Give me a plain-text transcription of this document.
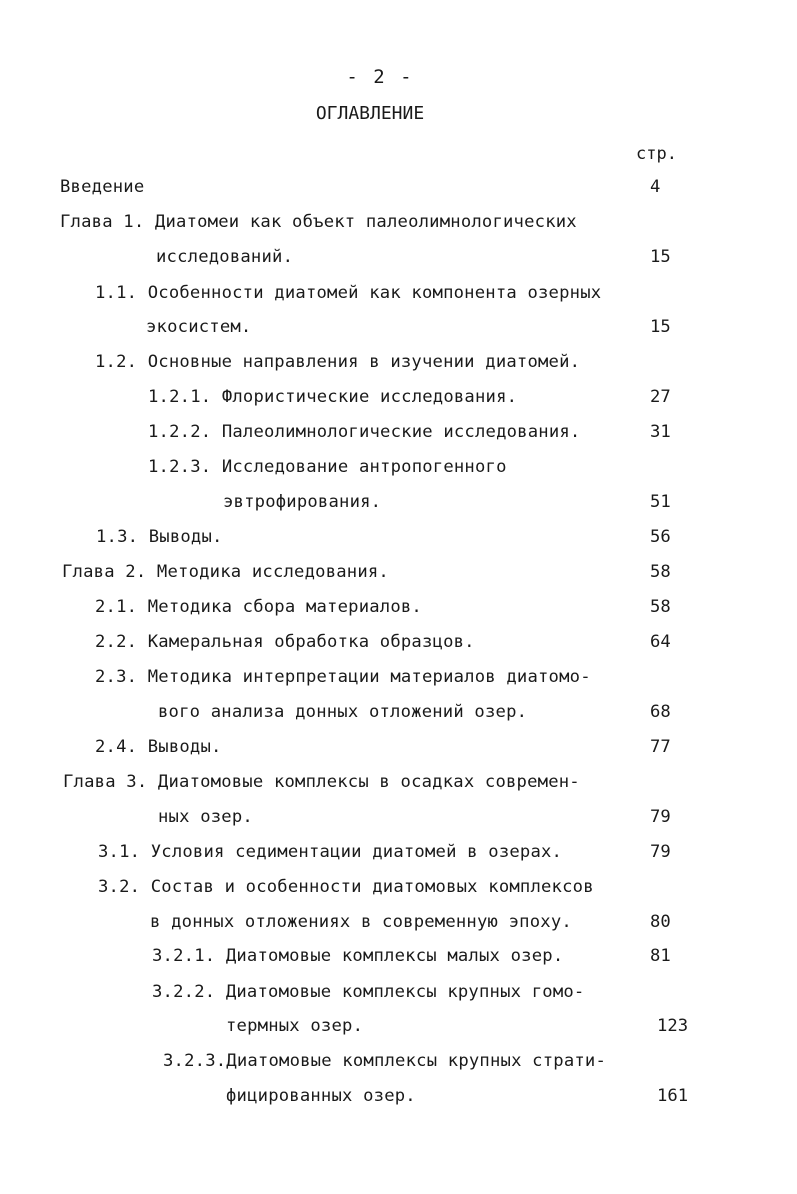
- 2 -
ОГЛАВЛЕНИЕ
стр.
Введение	4
Глава 1. Диатомеи как объект палеолимнологических
исследований.	15
1.1. Особенности диатомей как компонента озерных
экосистем.	15
1.2. Основные направления в изучении диатомей.
1.2.1. Флористические исследования.	27
1.2.2. Палеолимнологические исследования.	31
1.2.3. Исследование антропогенного
эвтрофирования.	51
1.3. Выводы.	56
Глава 2. Методика исследования.	58
2.1. Методика сбора материалов.	58
2.2. Камеральная обработка образцов.	64
2.3. Методика интерпретации материалов диатомо-
вого анализа донных отложений озер.	68
2.4. Выводы.	77
Глава 3. Диатомовые комплексы в осадках современ-
ных озер.	79
3.1. Условия седиментации диатомей в озерах.	79
3.2. Состав и особенности диатомовых комплексов
в донных отложениях в современную эпоху.	80
3.2.1. Диатомовые комплексы малых озер.	81
3.2.2. Диатомовые комплексы крупных гомо-
термных озер.	123
3.2.3.Диатомовые комплексы крупных страти-
фицированных озер.	161
